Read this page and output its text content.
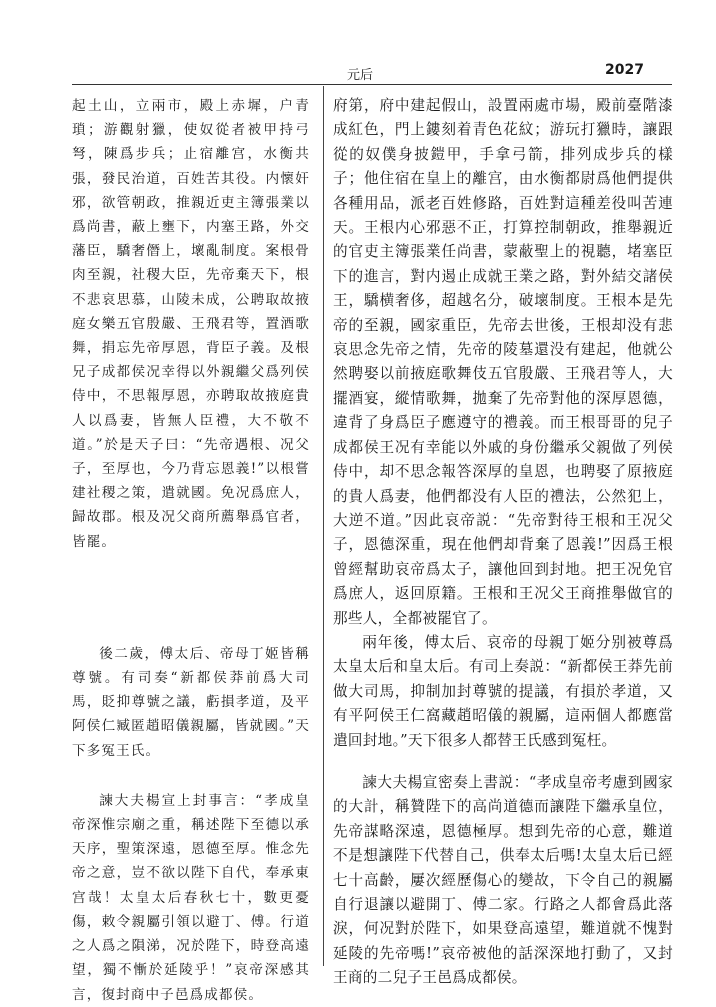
元后	2027

起土山，立兩市，殿上赤墀，户青瑣；游觀射獵，使奴從者被甲持弓弩，陳爲步兵；止宿離宫，水衡共張，發民治道，百姓苦其役。内懷奸邪，欲管朝政，推親近吏主簿張業以爲尚書，蔽上壅下，内塞王路，外交藩臣，驕奢僭上，壞亂制度。案根骨肉至親，社稷大臣，先帝棄天下，根不悲哀思慕，山陵未成，公聘取故掖庭女樂五官殷嚴、王飛君等，置酒歌舞，捐忘先帝厚恩，背臣子義。及根兄子成都侯况幸得以外親繼父爲列侯侍中，不思報厚恩，亦聘取故掖庭貴人以爲妻，皆無人臣禮，大不敬不道。”於是天子曰：“先帝遇根、况父子，至厚也，今乃背忘恩義!”以根嘗建社稷之策，遣就國。免况爲庶人，歸故郡。根及况父商所薦舉爲官者，皆罷。

後二歲，傅太后、帝母丁姬皆稱尊號。有司奏“新都侯莽前爲大司馬，貶抑尊號之議，虧損孝道，及平阿侯仁臧匿趙昭儀親屬，皆就國。”天下多冤王氏。

諫大夫楊宣上封事言：“孝成皇帝深惟宗廟之重，稱述陛下至德以承天序，聖策深遠，恩德至厚。惟念先帝之意，豈不欲以陛下自代，奉承東宫哉！太皇太后春秋七十，數更憂傷，敕令親屬引領以避丁、傅。行道之人爲之隕涕，况於陛下，時登高遠望，獨不慚於延陵乎！”哀帝深感其言，復封商中子邑爲成都侯。

府第，府中建起假山，設置兩處市場，殿前臺階漆成紅色，門上鏤刻着青色花紋；游玩打獵時，讓跟從的奴僕身披鎧甲，手拿弓箭，排列成步兵的樣子；他住宿在皇上的離宫，由水衡都尉爲他們提供各種用品，派老百姓修路，百姓對這種差役叫苦連天。王根内心邪惡不正，打算控制朝政，推舉親近的官吏主簿張業任尚書，蒙蔽聖上的視聽，堵塞臣下的進言，對内遏止成就王業之路，對外結交諸侯王，驕横奢侈，超越名分，破壞制度。王根本是先帝的至親，國家重臣，先帝去世後，王根却没有悲哀思念先帝之情，先帝的陵墓還没有建起，他就公然聘娶以前掖庭歌舞伎五官殷嚴、王飛君等人，大擺酒宴，縱情歌舞，拋棄了先帝對他的深厚恩德，違背了身爲臣子應遵守的禮義。而王根哥哥的兒子成都侯王况有幸能以外戚的身份繼承父親做了列侯侍中，却不思念報答深厚的皇恩，也聘娶了原掖庭的貴人爲妻，他們都没有人臣的禮法，公然犯上，大逆不道。”因此哀帝説：“先帝對待王根和王况父子，恩德深重，現在他們却背棄了恩義!”因爲王根曾經幫助哀帝爲太子，讓他回到封地。把王况免官爲庶人，返回原籍。王根和王况父王商推舉做官的那些人，全都被罷官了。

兩年後，傅太后、哀帝的母親丁姬分别被尊爲太皇太后和皇太后。有司上奏説：“新都侯王莽先前做大司馬，抑制加封尊號的提議，有損於孝道，又有平阿侯王仁窩藏趙昭儀的親屬，這兩個人都應當遣回封地。”天下很多人都替王氏感到冤枉。

諫大夫楊宣密奏上書説：“孝成皇帝考慮到國家的大計，稱贊陛下的高尚道德而讓陛下繼承皇位，先帝謀略深遠，恩德極厚。想到先帝的心意，難道不是想讓陛下代替自己，供奉太后嗎!太皇太后已經七十高齡，屢次經歷傷心的變故，下令自己的親屬自行退讓以避開丁、傅二家。行路之人都會爲此落淚，何况對於陛下，如果登高遠望，難道就不愧對延陵的先帝嗎!”哀帝被他的話深深地打動了，又封王商的二兒子王邑爲成都侯。
